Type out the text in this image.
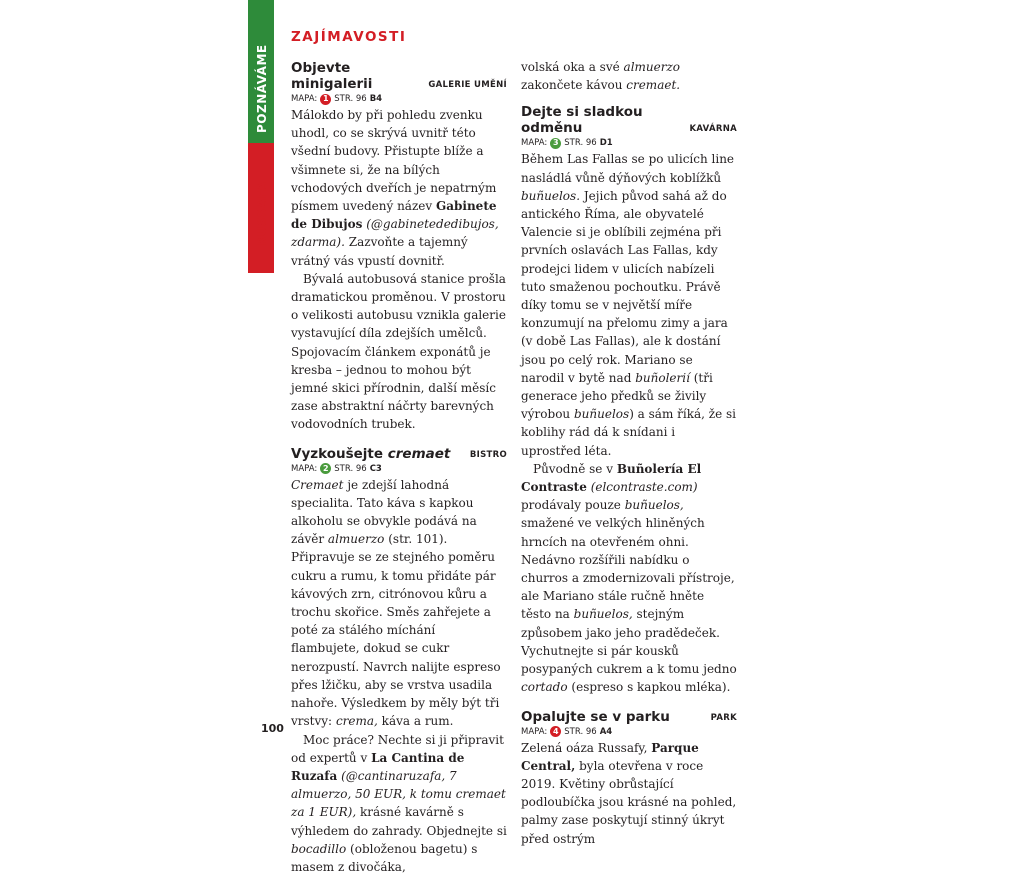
POZNÁVÁME
RUSSAFA
ZAJÍMAVOSTI
Objevte minigalerii	GALERIE UMĚNÍ
MAPA: 1 STR. 96 B4

Málokdo by při pohledu zvenku uhodl, co se skrývá uvnitř této všední budovy. Přistupte blíže a všimnete si, že na bílých vchodových dveřích je nepatrným písmem uvedený název Gabinete de Dibujos (@gabinetededibujos, zdarma). Zazvoňte a tajemný vrátný vás vpustí dovnitř.

Bývalá autobusová stanice prošla dramatickou proměnou. V prostoru o velikosti autobusu vznikla galerie vystavující díla zdejších umělců. Spojovacím článkem exponátů je kresba – jednou to mohou být jemné skici přírodnin, další měsíc zase abstraktní náčrty barevných vodovodních trubek.

Vyzkoušejte cremaet BISTRO
MAPA: 2 STR. 96 C3

Cremaet je zdejší lahodná specialita. Tato káva s kapkou alkoholu se obvykle podává na závěr almuerzo (str. 101). Připravuje se ze stejného poměru cukru a rumu, k tomu přidáte pár kávových zrn, citrónovou kůru a trochu skořice. Směs zahřejete a poté za stálého míchání flambujete, dokud se cukr nerozpustí. Navrch nalijte espreso přes lžičku, aby se vrstva usadila nahoře. Výsledkem by měly být tři vrstvy: crema, káva a rum.

Moc práce? Nechte si ji připravit od expertů v La Cantina de Ruzafa (@cantinaruzafa, 7 almuerzo, 50 EUR, k tomu cremaet za 1 EUR), krásné kavárně s výhledem do zahrady. Objednejte si bocadillo (obloženou bagetu) s masem z divočáka,

volská oka a své almuerzo zakončete kávou cremaet.

Dejte si sladkou odměnu	KAVÁRNA
MAPA: 3 STR. 96 D1

Během Las Fallas se po ulicích line nasládlá vůně dýňových koblížků buñuelos. Jejich původ sahá až do antického Říma, ale obyvatelé Valencie si je oblíbili zejména při prvních oslavách Las Fallas, kdy prodejci lidem v ulicích nabízeli tuto smaženou pochoutku. Právě díky tomu se v největší míře konzumují na přelomu zimy a jara (v době Las Fallas), ale k dostání jsou po celý rok. Mariano se narodil v bytě nad buñolerií (tři generace jeho předků se živily výrobou buñuelos) a sám říká, že si koblihy rád dá k snídani i uprostřed léta.

Původně se v Buñolería El Contraste (elcontraste.com) prodávaly pouze buñuelos, smažené ve velkých hliněných hrncích na otevřeném ohni. Nedávno rozšířili nabídku o churros a zmodernizovali přístroje, ale Mariano stále ručně hněte těsto na buñuelos, stejným způsobem jako jeho pradědeček. Vychutnejte si pár kousků posypaných cukrem a k tomu jedno cortado (espreso s kapkou mléka).

Opalujte se v parku	PARK
MAPA: 4 STR. 96 A4

Zelená oáza Russafy, Parque Central, byla otevřena v roce 2019. Květiny obrůstající podloubíčka jsou krásné na pohled, palmy zase poskytují stinný úkryt před ostrým

100
